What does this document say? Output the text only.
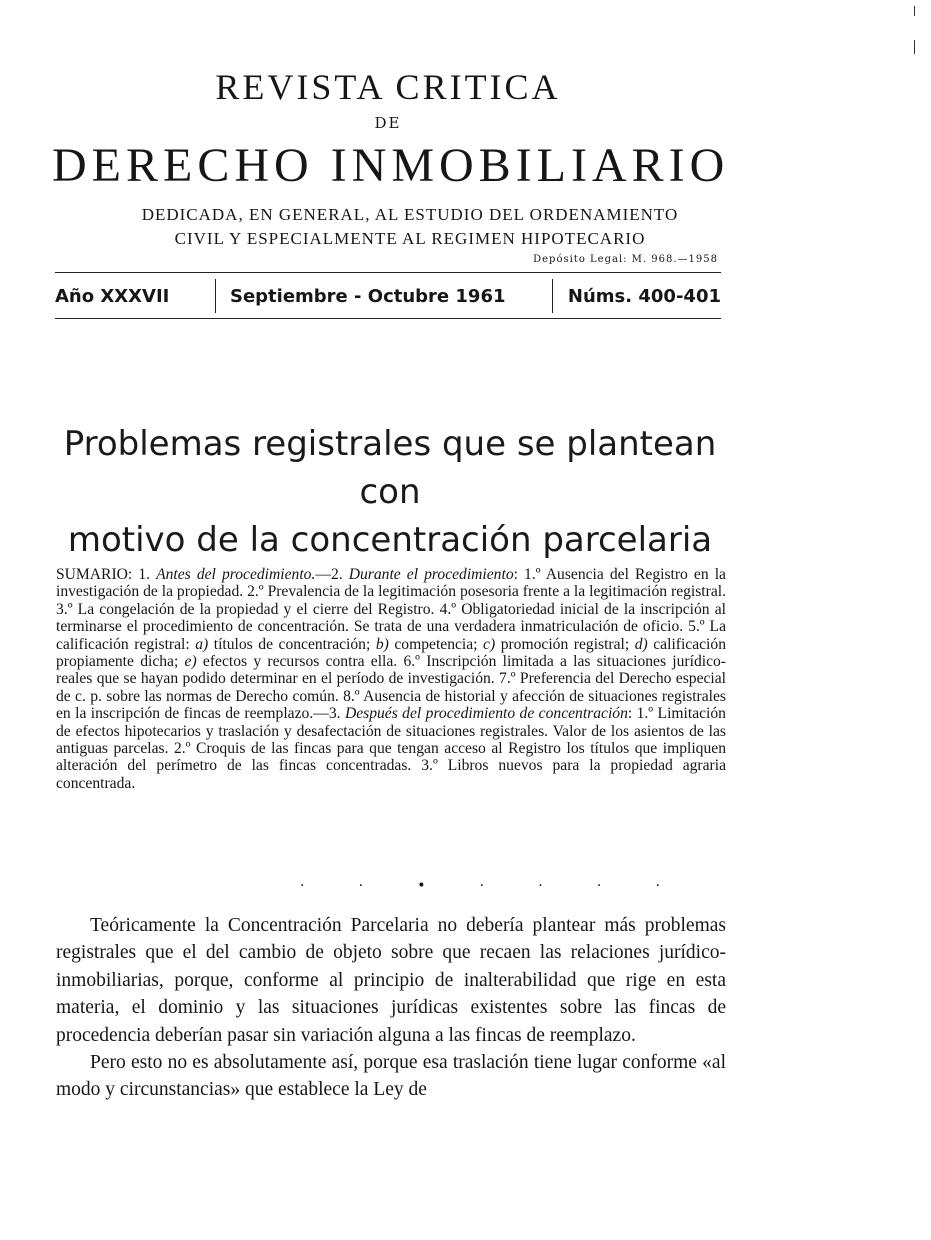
REVISTA CRITICA
DE
DERECHO INMOBILIARIO
DEDICADA, EN GENERAL, AL ESTUDIO DEL ORDENAMIENTO
CIVIL Y ESPECIALMENTE AL REGIMEN HIPOTECARIO
Depósito Legal: M. 968.—1958
Año XXXVII	Septiembre - Octubre 1961	Núms. 400-401
Problemas registrales que se plantean con
motivo de la concentración parcelaria
SUMARIO: 1. Antes del procedimiento.—2. Durante el procedimiento: 1.º Ausencia del Registro en la investigación de la propiedad. 2.º Prevalencia de la legitimación posesoria frente a la legitimación registral. 3.º La congelación de la propiedad y el cierre del Registro. 4.º Obligatoriedad inicial de la inscripción al terminarse el procedimiento de concentración. Se trata de una verdadera inmatriculación de oficio. 5.º La calificación registral: a) títulos de concentración; b) competencia; c) promoción registral; d) calificación propiamente dicha; e) efectos y recursos contra ella. 6.º Inscripción limitada a las situaciones jurídico-reales que se hayan podido determinar en el período de investigación. 7.º Preferencia del Derecho especial de c. p. sobre las normas de Derecho común. 8.º Ausencia de historial y afección de situaciones registrales en la inscripción de fincas de reemplazo.—3. Después del procedimiento de concentración: 1.º Limitación de efectos hipotecarios y traslación y desafectación de situaciones registrales. Valor de los asientos de las antiguas parcelas. 2.º Croquis de las fincas para que tengan acceso al Registro los títulos que impliquen alteración del perímetro de las fincas concentradas. 3.º Libros nuevos para la propiedad agraria concentrada.
·	·	•	·	·	·	·

Teóricamente la Concentración Parcelaria no debería plantear más problemas registrales que el del cambio de objeto sobre que recaen las relaciones jurídico-inmobiliarias, porque, conforme al principio de inalterabilidad que rige en esta materia, el dominio y las situaciones jurídicas existentes sobre las fincas de procedencia deberían pasar sin variación alguna a las fincas de reemplazo.

Pero esto no es absolutamente así, porque esa traslación tiene lugar conforme «al modo y circunstancias» que establece la Ley de
